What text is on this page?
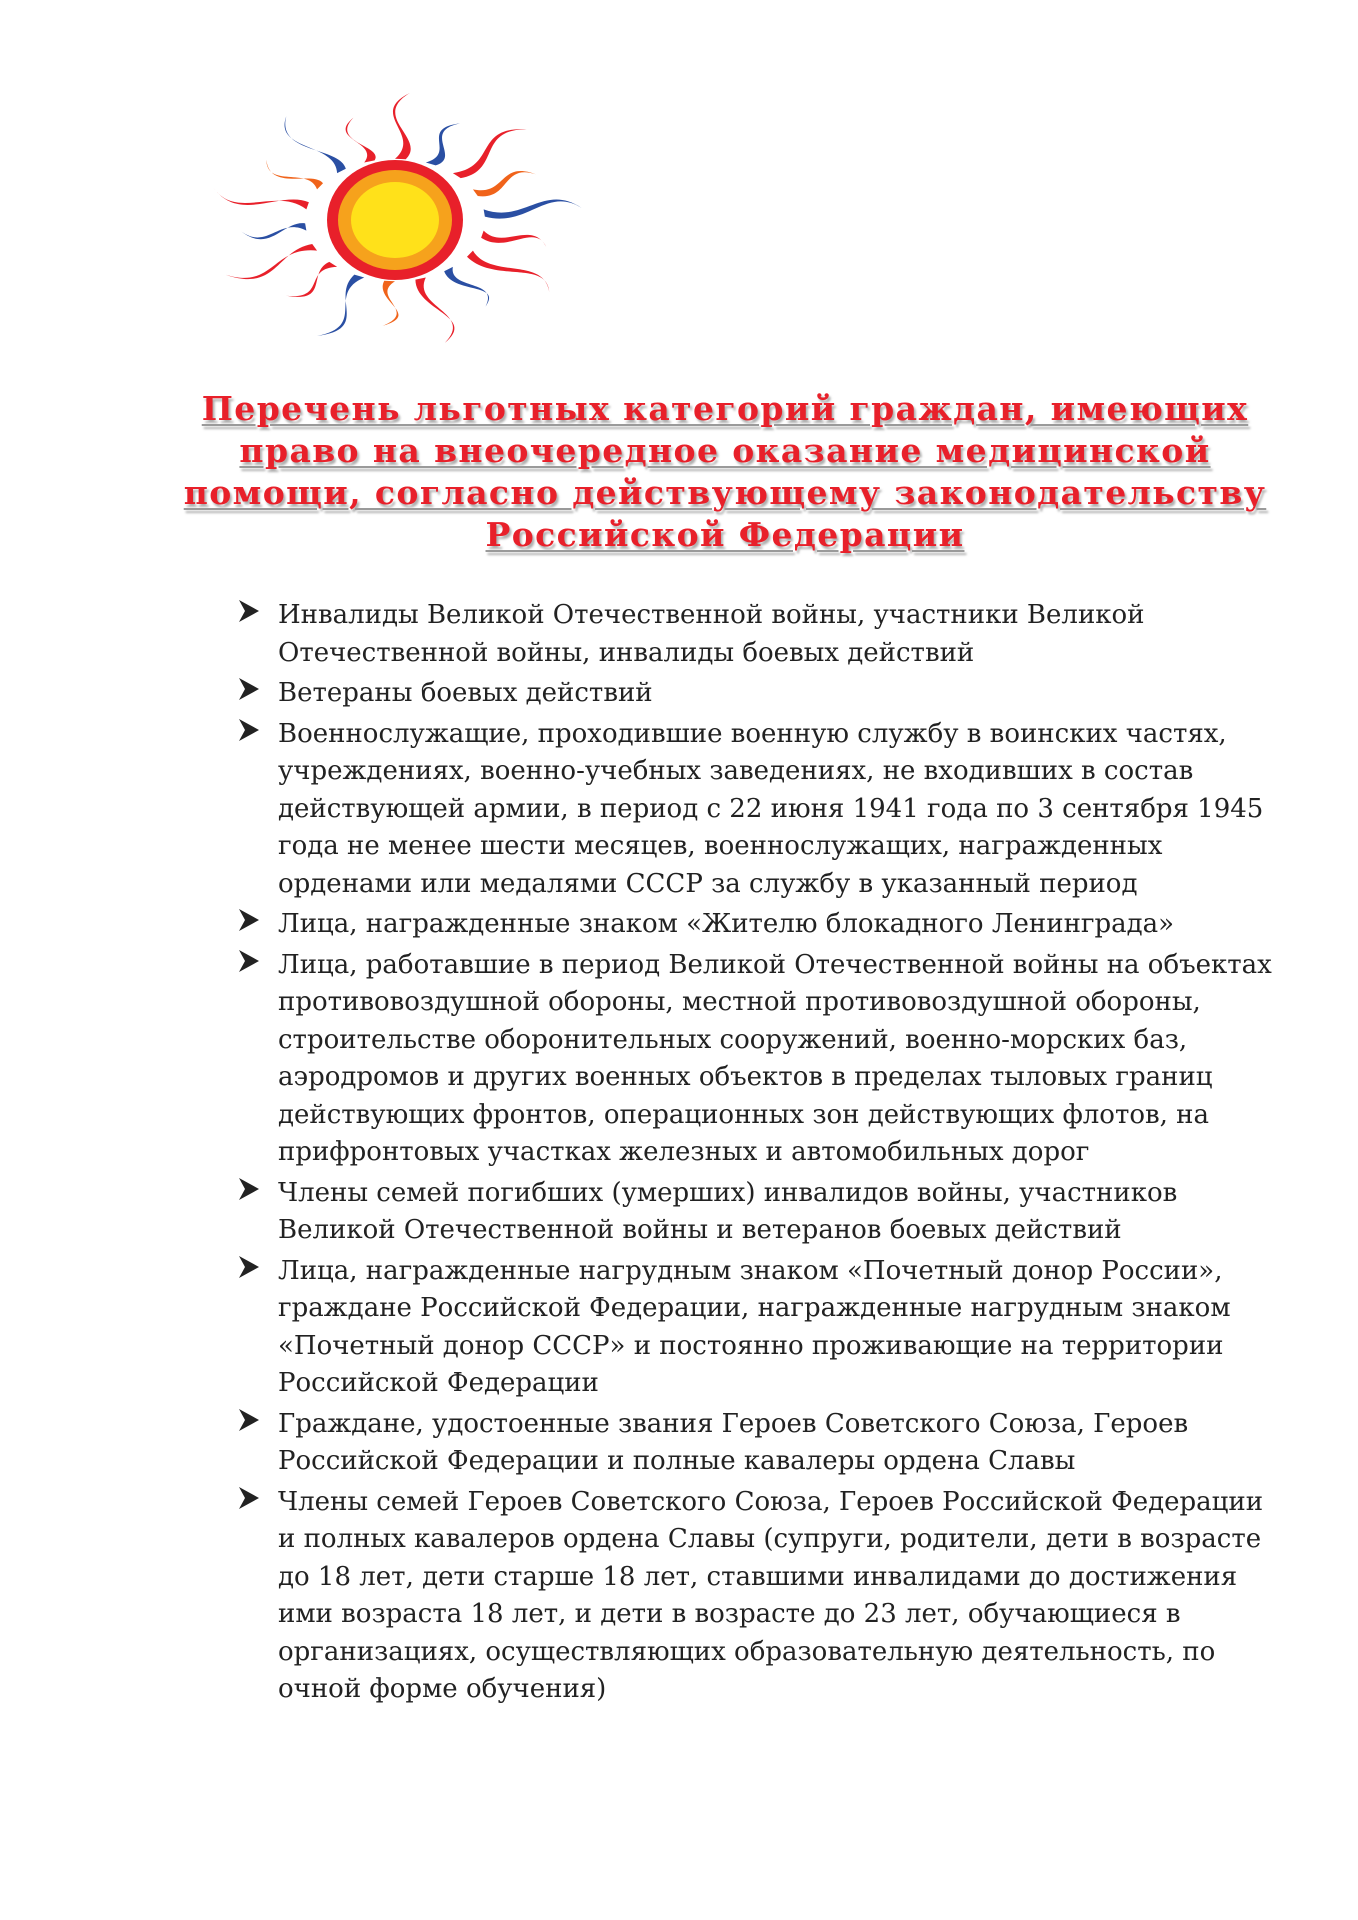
Перечень льготных категорий граждан, имеющих право на внеочередное оказание медицинской помощи, согласно действующему законодательству Российской Федерации
Инвалиды Великой Отечественной войны, участники Великой Отечественной войны, инвалиды боевых действий
Ветераны боевых действий
Военнослужащие, проходившие военную службу в воинских частях, учреждениях, военно-учебных заведениях, не входивших в состав действующей армии, в период с 22 июня 1941 года по 3 сентября 1945 года не менее шести месяцев, военнослужащих, награжденных орденами или медалями СССР за службу в указанный период
Лица, награжденные знаком «Жителю блокадного Ленинграда»
Лица, работавшие в период Великой Отечественной войны на объектах противовоздушной обороны, местной противовоздушной обороны, строительстве оборонительных сооружений, военно-морских баз, аэродромов и других военных объектов в пределах тыловых границ действующих фронтов, операционных зон действующих флотов, на прифронтовых участках железных и автомобильных дорог
Члены семей погибших (умерших) инвалидов войны, участников Великой Отечественной войны и ветеранов боевых действий
Лица, награжденные нагрудным знаком «Почетный донор России», граждане Российской Федерации, награжденные нагрудным знаком «Почетный донор СССР» и постоянно проживающие на территории Российской Федерации
Граждане, удостоенные звания Героев Советского Союза, Героев Российской Федерации и полные кавалеры ордена Славы
Члены семей Героев Советского Союза, Героев Российской Федерации и полных кавалеров ордена Славы (супруги, родители, дети в возрасте до 18 лет, дети старше 18 лет, ставшими инвалидами до достижения ими возраста 18 лет, и дети в возрасте до 23 лет, обучающиеся в организациях, осуществляющих образовательную деятельность, по очной форме обучения)
